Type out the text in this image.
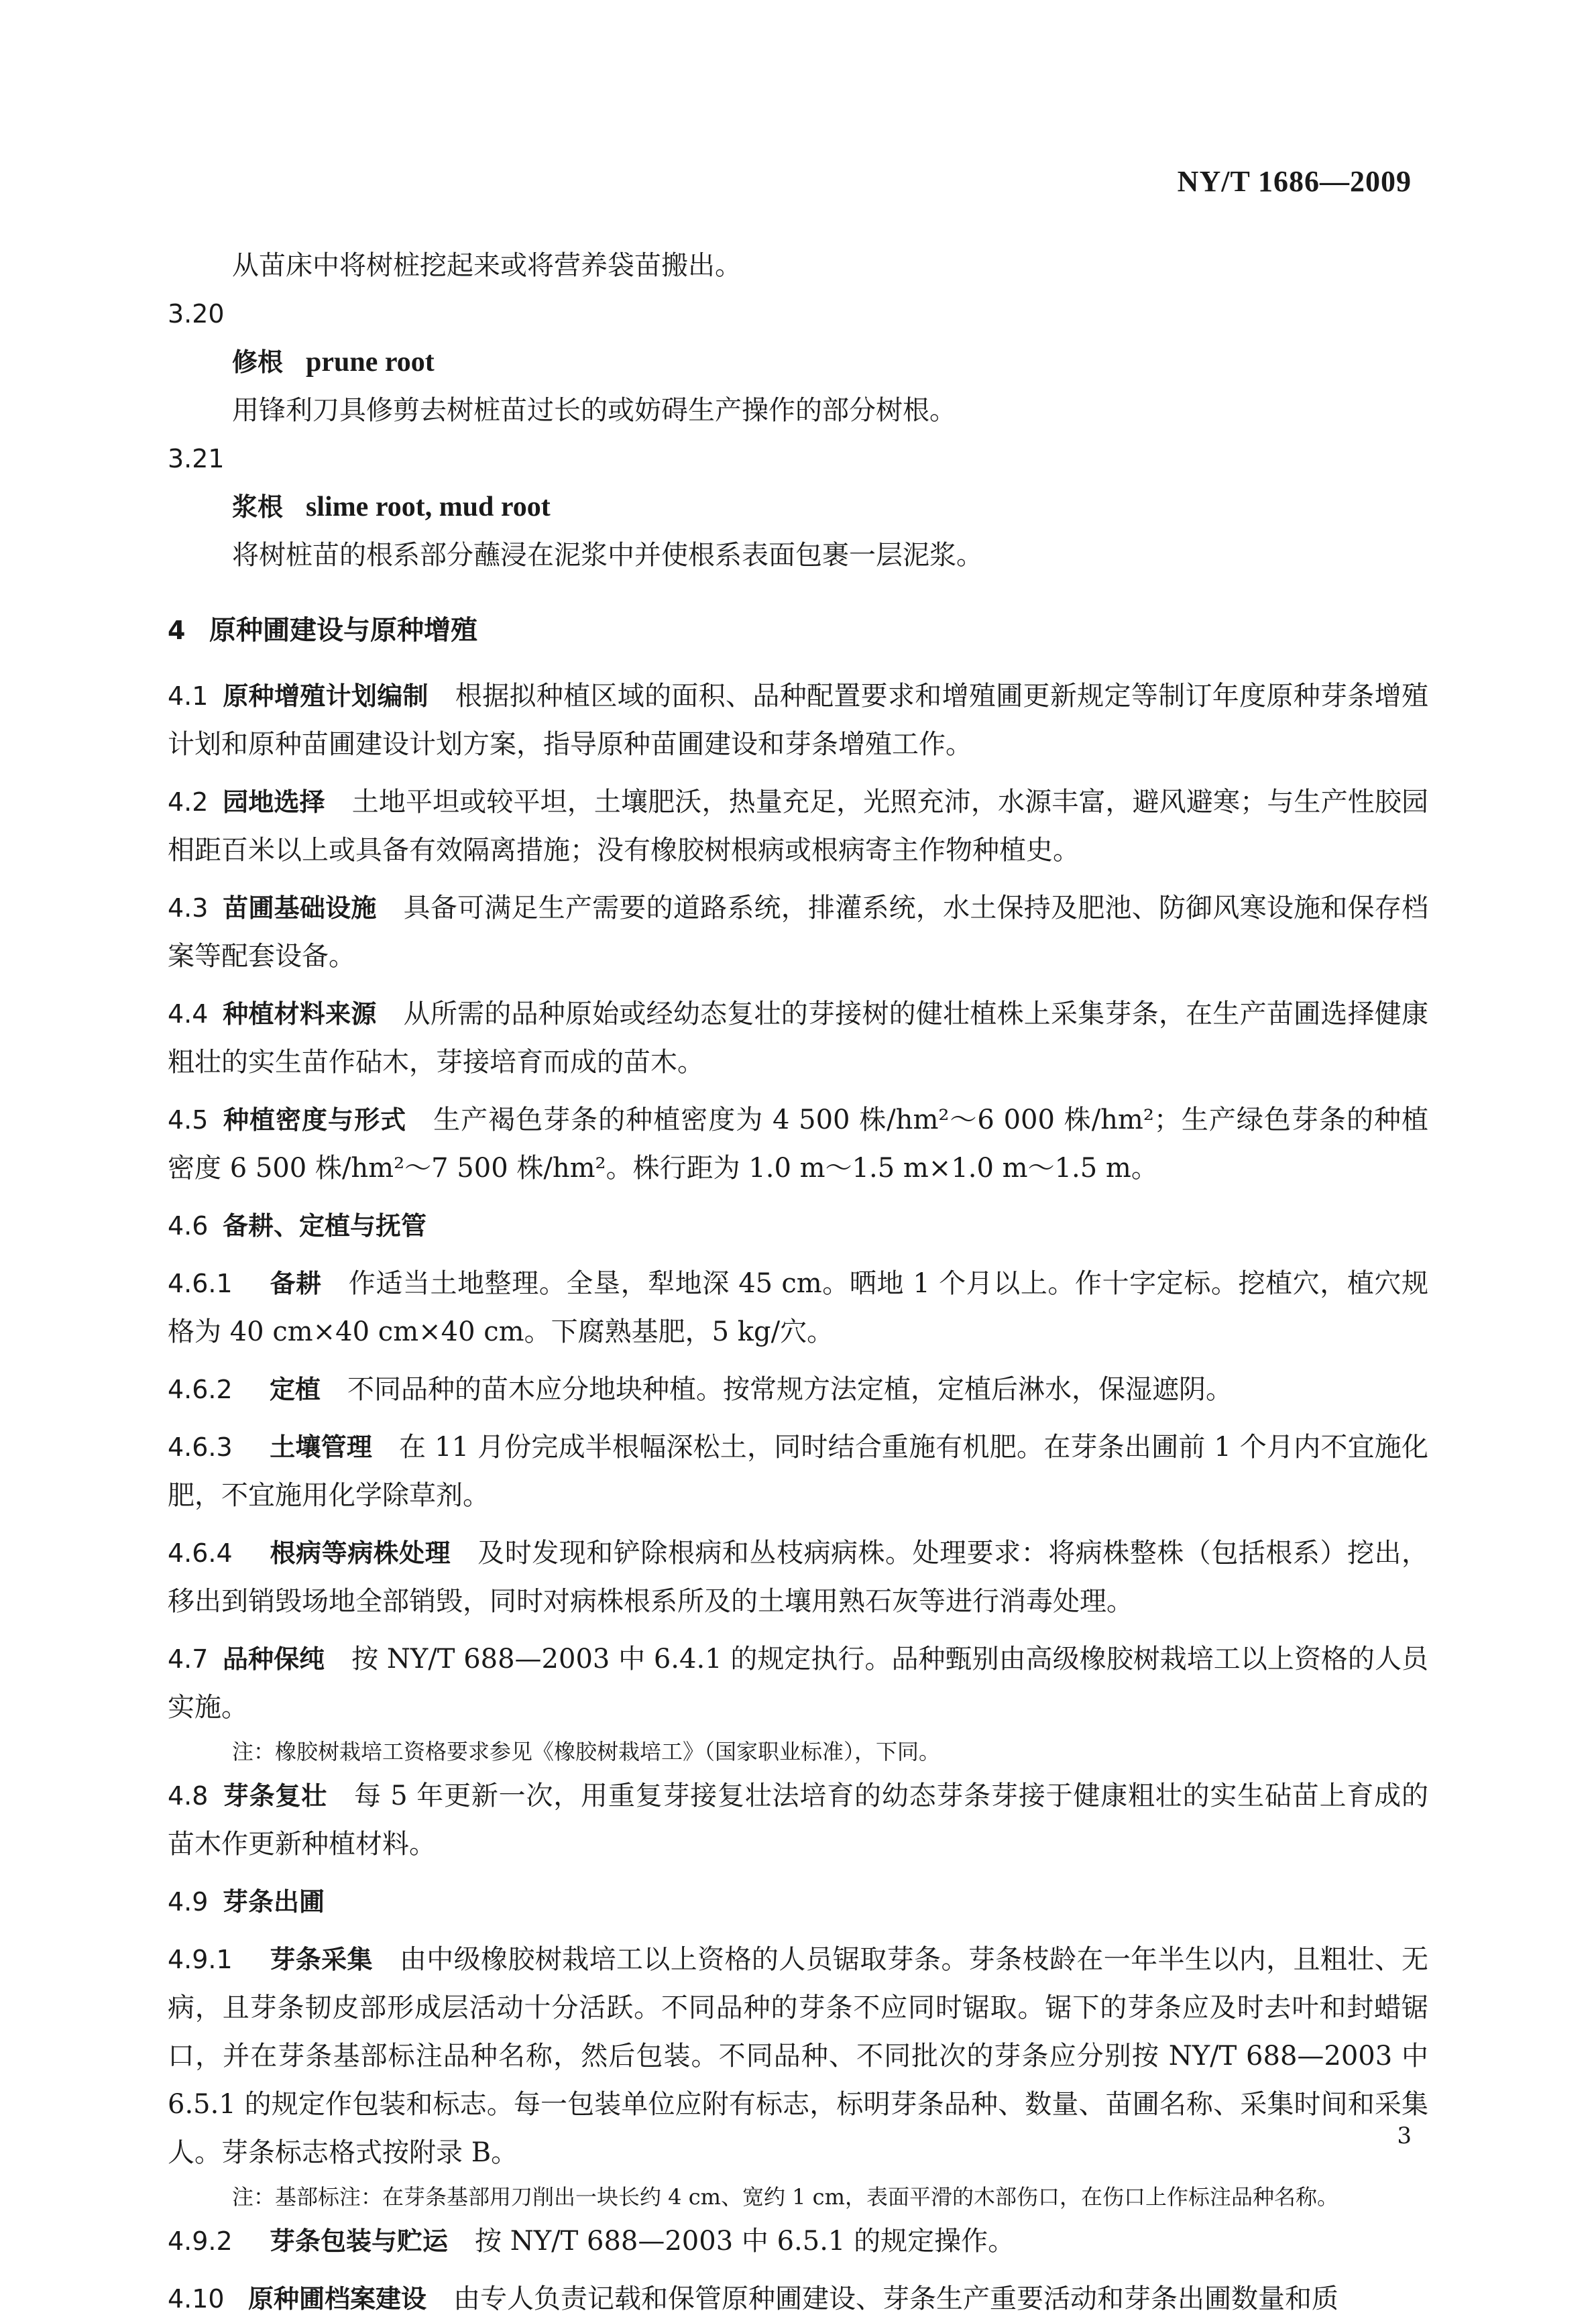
NY/T 1686—2009

从苗床中将树桩挖起来或将营养袋苗搬出。

3.20

修根 prune root

用锋利刀具修剪去树桩苗过长的或妨碍生产操作的部分树根。

3.21

浆根 slime root, mud root

将树桩苗的根系部分蘸浸在泥浆中并使根系表面包裹一层泥浆。

4 原种圃建设与原种增殖

4.1 原种增殖计划编制 根据拟种植区域的面积、品种配置要求和增殖圃更新规定等制订年度原种芽条增殖计划和原种苗圃建设计划方案，指导原种苗圃建设和芽条增殖工作。

4.2 园地选择 土地平坦或较平坦，土壤肥沃，热量充足，光照充沛，水源丰富，避风避寒；与生产性胶园相距百米以上或具备有效隔离措施；没有橡胶树根病或根病寄主作物种植史。

4.3 苗圃基础设施 具备可满足生产需要的道路系统，排灌系统，水土保持及肥池、防御风寒设施和保存档案等配套设备。

4.4 种植材料来源 从所需的品种原始或经幼态复壮的芽接树的健壮植株上采集芽条，在生产苗圃选择健康粗壮的实生苗作砧木，芽接培育而成的苗木。

4.5 种植密度与形式 生产褐色芽条的种植密度为 4 500 株/hm²～6 000 株/hm²；生产绿色芽条的种植密度 6 500 株/hm²～7 500 株/hm²。株行距为 1.0 m～1.5 m×1.0 m～1.5 m。

4.6 备耕、定植与抚管

4.6.1 备耕 作适当土地整理。全垦，犁地深 45 cm。晒地 1 个月以上。作十字定标。挖植穴，植穴规格为 40 cm×40 cm×40 cm。下腐熟基肥，5 kg/穴。

4.6.2 定植 不同品种的苗木应分地块种植。按常规方法定植，定植后淋水，保湿遮阴。

4.6.3 土壤管理 在 11 月份完成半根幅深松土，同时结合重施有机肥。在芽条出圃前 1 个月内不宜施化肥，不宜施用化学除草剂。

4.6.4 根病等病株处理 及时发现和铲除根病和丛枝病病株。处理要求：将病株整株（包括根系）挖出，移出到销毁场地全部销毁，同时对病株根系所及的土壤用熟石灰等进行消毒处理。

4.7 品种保纯 按 NY/T 688—2003 中 6.4.1 的规定执行。品种甄别由高级橡胶树栽培工以上资格的人员实施。

注：橡胶树栽培工资格要求参见《橡胶树栽培工》（国家职业标准），下同。

4.8 芽条复壮 每 5 年更新一次，用重复芽接复壮法培育的幼态芽条芽接于健康粗壮的实生砧苗上育成的苗木作更新种植材料。

4.9 芽条出圃

4.9.1 芽条采集 由中级橡胶树栽培工以上资格的人员锯取芽条。芽条枝龄在一年半生以内，且粗壮、无病，且芽条韧皮部形成层活动十分活跃。不同品种的芽条不应同时锯取。锯下的芽条应及时去叶和封蜡锯口，并在芽条基部标注品种名称，然后包装。不同品种、不同批次的芽条应分别按 NY/T 688—2003 中 6.5.1 的规定作包装和标志。每一包装单位应附有标志，标明芽条品种、数量、苗圃名称、采集时间和采集人。芽条标志格式按附录 B。

注：基部标注：在芽条基部用刀削出一块长约 4 cm、宽约 1 cm，表面平滑的木部伤口，在伤口上作标注品种名称。

4.9.2 芽条包装与贮运 按 NY/T 688—2003 中 6.5.1 的规定操作。

4.10 原种圃档案建设 由专人负责记载和保管原种圃建设、芽条生产重要活动和芽条出圃数量和质

3
